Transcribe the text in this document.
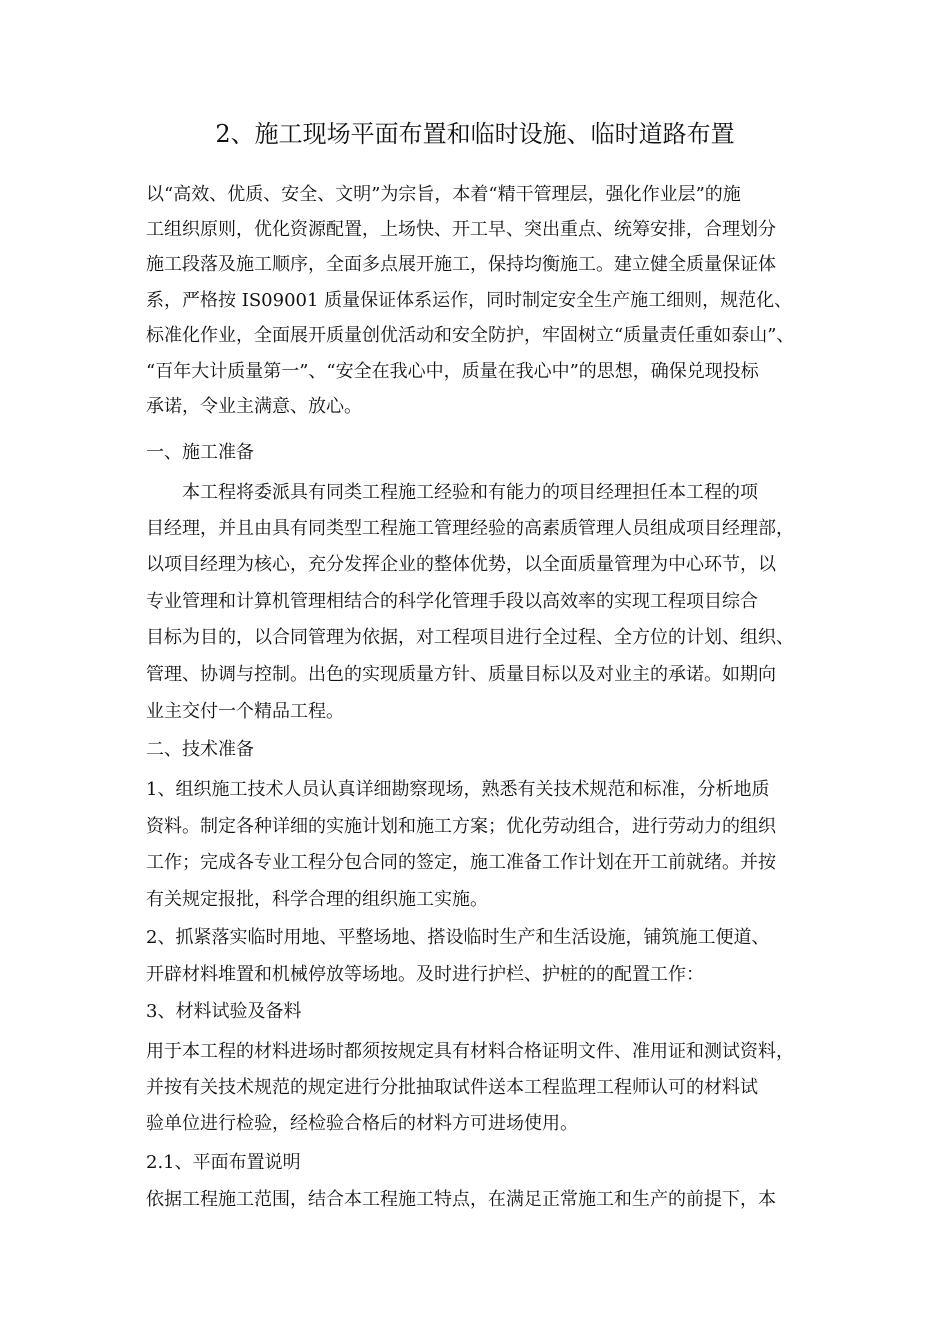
2、施工现场平面布置和临时设施、临时道路布置
以“高效、优质、安全、文明”为宗旨，本着“精干管理层，强化作业层”的施
工组织原则，优化资源配置，上场快、开工早、突出重点、统筹安排，合理划分
施工段落及施工顺序，全面多点展开施工，保持均衡施工。建立健全质量保证体
系，严格按 IS09001 质量保证体系运作，同时制定安全生产施工细则，规范化、
标准化作业，全面展开质量创优活动和安全防护，牢固树立“质量责任重如泰山”、
“百年大计质量第一”、“安全在我心中，质量在我心中”的思想，确保兑现投标
承诺，令业主满意、放心。
一、施工准备
本工程将委派具有同类工程施工经验和有能力的项目经理担任本工程的项
目经理，并且由具有同类型工程施工管理经验的高素质管理人员组成项目经理部，
以项目经理为核心，充分发挥企业的整体优势，以全面质量管理为中心环节，以
专业管理和计算机管理相结合的科学化管理手段以高效率的实现工程项目综合
目标为目的，以合同管理为依据，对工程项目进行全过程、全方位的计划、组织、
管理、协调与控制。出色的实现质量方针、质量目标以及对业主的承诺。如期向
业主交付一个精品工程。
二、技术准备
1、组织施工技术人员认真详细勘察现场，熟悉有关技术规范和标准，分析地质
资料。制定各种详细的实施计划和施工方案；优化劳动组合，进行劳动力的组织
工作；完成各专业工程分包合同的签定，施工准备工作计划在开工前就绪。并按
有关规定报批，科学合理的组织施工实施。
2、抓紧落实临时用地、平整场地、搭设临时生产和生活设施，铺筑施工便道、
开辟材料堆置和机械停放等场地。及时进行护栏、护桩的的配置工作：
3、材料试验及备料
用于本工程的材料进场时都须按规定具有材料合格证明文件、准用证和测试资料，
并按有关技术规范的规定进行分批抽取试件送本工程监理工程师认可的材料试
验单位进行检验，经检验合格后的材料方可进场使用。
2.1、平面布置说明
依据工程施工范围，结合本工程施工特点，在满足正常施工和生产的前提下，本
